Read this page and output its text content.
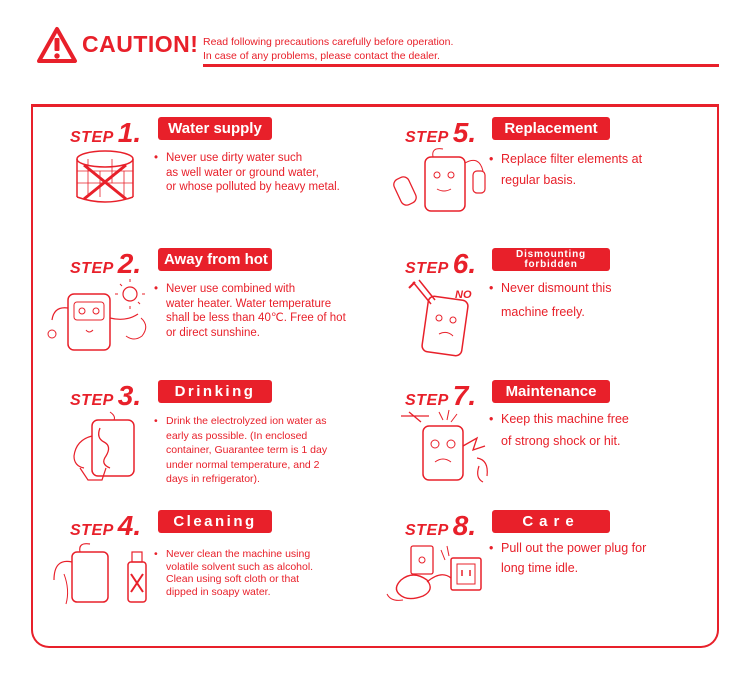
CAUTION! Read following precautions carefully before operation.
In case of any problems, please contact the dealer.
STEP 1.	Water supply
• Never use dirty water such
as well water or ground water,
or whose polluted by heavy metal.
STEP 2.	Away from hot
• Never use combined with
water heater. Water temperature
shall be less than 40℃. Free of hot
or direct sunshine.
STEP 3.	Drinking
• Drink the electrolyzed ion water as
early as possible. (In enclosed
container, Guarantee term is 1 day
under normal temperature, and 2
days in refrigerator).
STEP 4.	Cleaning
• Never clean the machine using
volatile solvent such as alcohol.
Clean using soft cloth or that
dipped in soapy water.
STEP 5.	Replacement
• Replace filter elements at
regular basis.
STEP 6.	Dismounting
forbidden
NO • Never dismount this
machine freely.
STEP 7.	Maintenance
• Keep this machine free
of strong shock or hit.
STEP 8.	Care
• Pull out the power plug for
long time idle.
